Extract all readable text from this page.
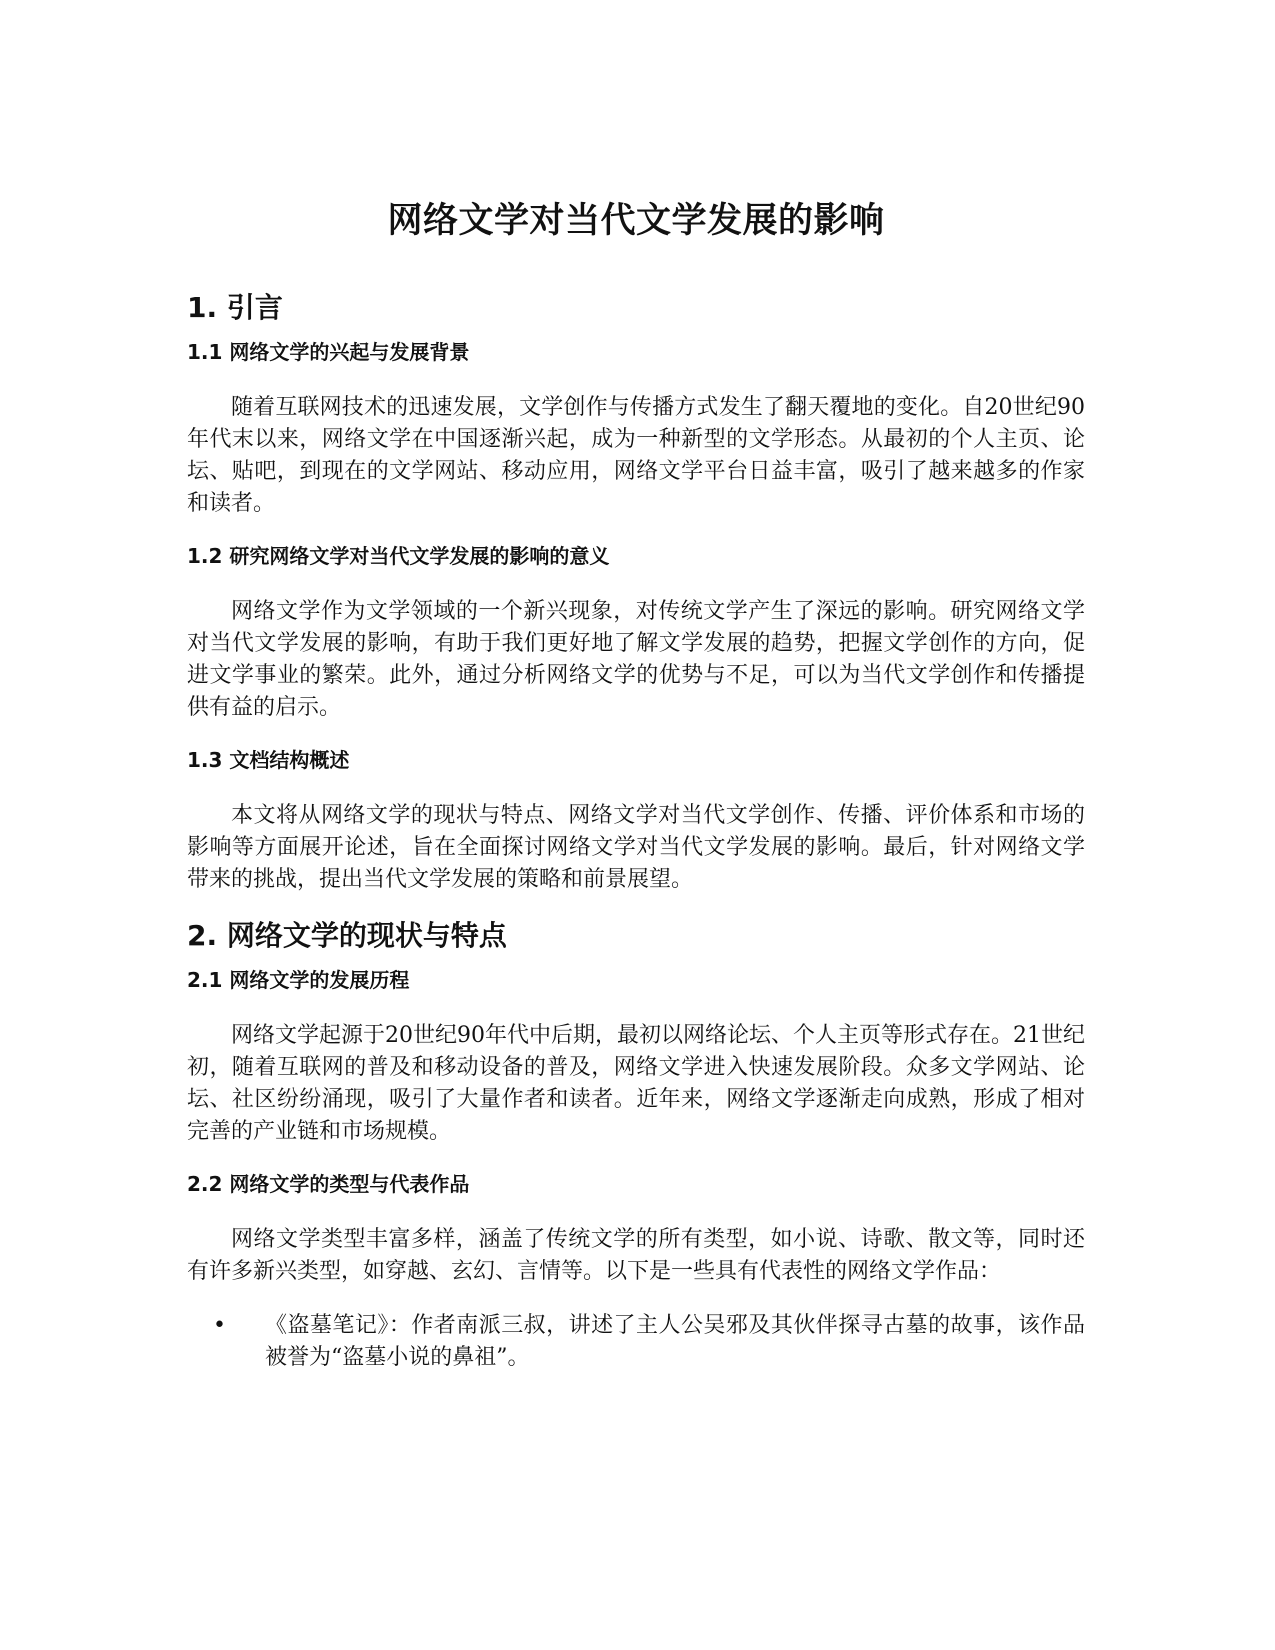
网络文学对当代文学发展的影响
1. 引言
1.1 网络文学的兴起与发展背景

随着互联网技术的迅速发展，文学创作与传播方式发生了翻天覆地的变化。自20世纪90年代末以来，网络文学在中国逐渐兴起，成为一种新型的文学形态。从最初的个人主页、论坛、贴吧，到现在的文学网站、移动应用，网络文学平台日益丰富，吸引了越来越多的作家和读者。

1.2 研究网络文学对当代文学发展的影响的意义

网络文学作为文学领域的一个新兴现象，对传统文学产生了深远的影响。研究网络文学对当代文学发展的影响，有助于我们更好地了解文学发展的趋势，把握文学创作的方向，促进文学事业的繁荣。此外，通过分析网络文学的优势与不足，可以为当代文学创作和传播提供有益的启示。

1.3 文档结构概述

本文将从网络文学的现状与特点、网络文学对当代文学创作、传播、评价体系和市场的影响等方面展开论述，旨在全面探讨网络文学对当代文学发展的影响。最后，针对网络文学带来的挑战，提出当代文学发展的策略和前景展望。

2. 网络文学的现状与特点
2.1 网络文学的发展历程

网络文学起源于20世纪90年代中后期，最初以网络论坛、个人主页等形式存在。21世纪初，随着互联网的普及和移动设备的普及，网络文学进入快速发展阶段。众多文学网站、论坛、社区纷纷涌现，吸引了大量作者和读者。近年来，网络文学逐渐走向成熟，形成了相对完善的产业链和市场规模。

2.2 网络文学的类型与代表作品

网络文学类型丰富多样，涵盖了传统文学的所有类型，如小说、诗歌、散文等，同时还有许多新兴类型，如穿越、玄幻、言情等。以下是一些具有代表性的网络文学作品：

• 《盗墓笔记》：作者南派三叔，讲述了主人公吴邪及其伙伴探寻古墓的故事，该作品被誉为“盗墓小说的鼻祖”。
